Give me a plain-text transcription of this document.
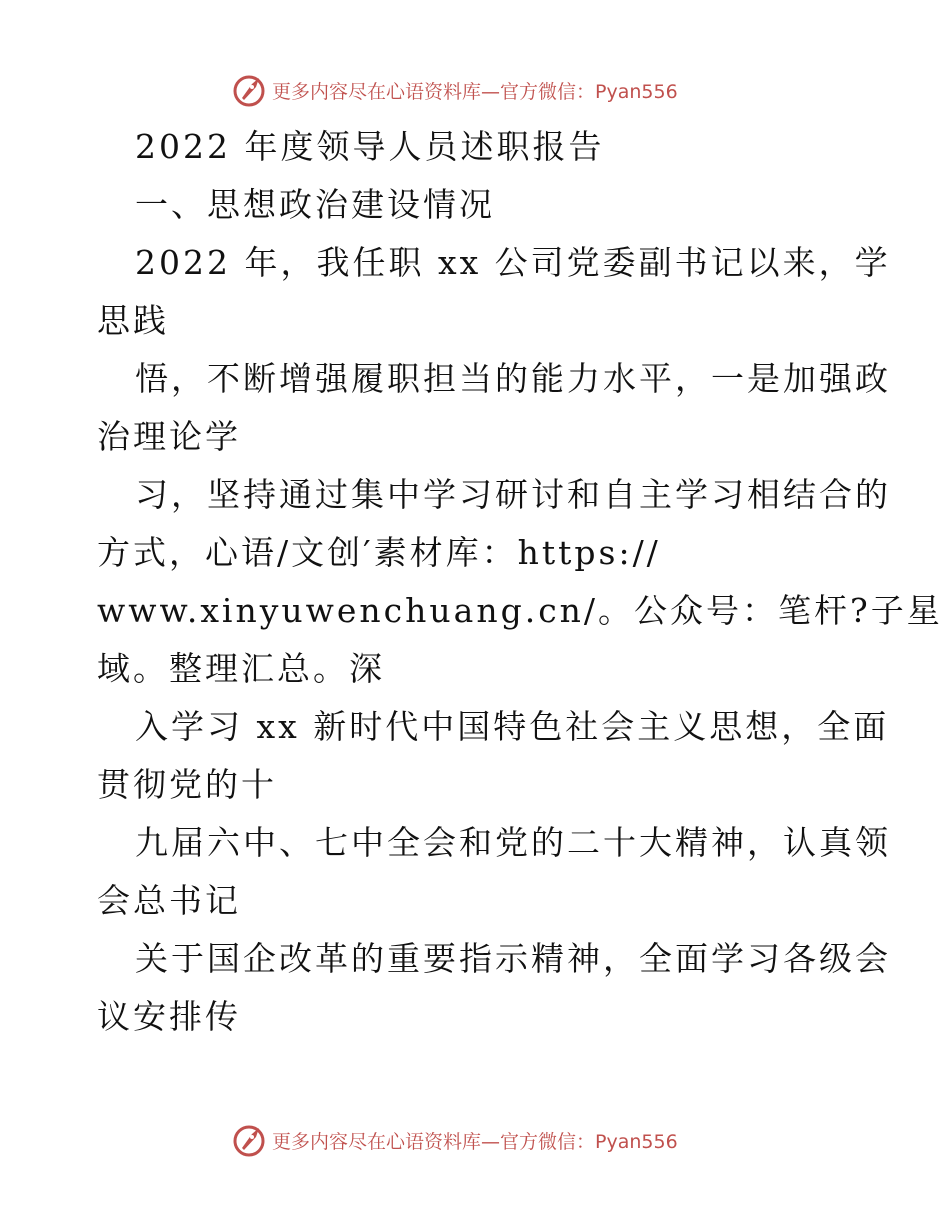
更多内容尽在心语资料库—官方微信：Pyan556
2022 年度领导人员述职报告
一、思想政治建设情况
2022 年，我任职 xx 公司党委副书记以来，学
思践
悟，不断增强履职担当的能力水平，一是加强政
治理论学
习，坚持通过集中学习研讨和自主学习相结合的
方式，心语/文创′素材库：https://
www.xinyuwenchuang.cn/。公众号：笔杆?子星
域。整理汇总。深
入学习 xx 新时代中国特色社会主义思想，全面
贯彻党的十
九届六中、七中全会和党的二十大精神，认真领
会总书记
关于国企改革的重要指示精神，全面学习各级会
议安排传
更多内容尽在心语资料库—官方微信：Pyan556
